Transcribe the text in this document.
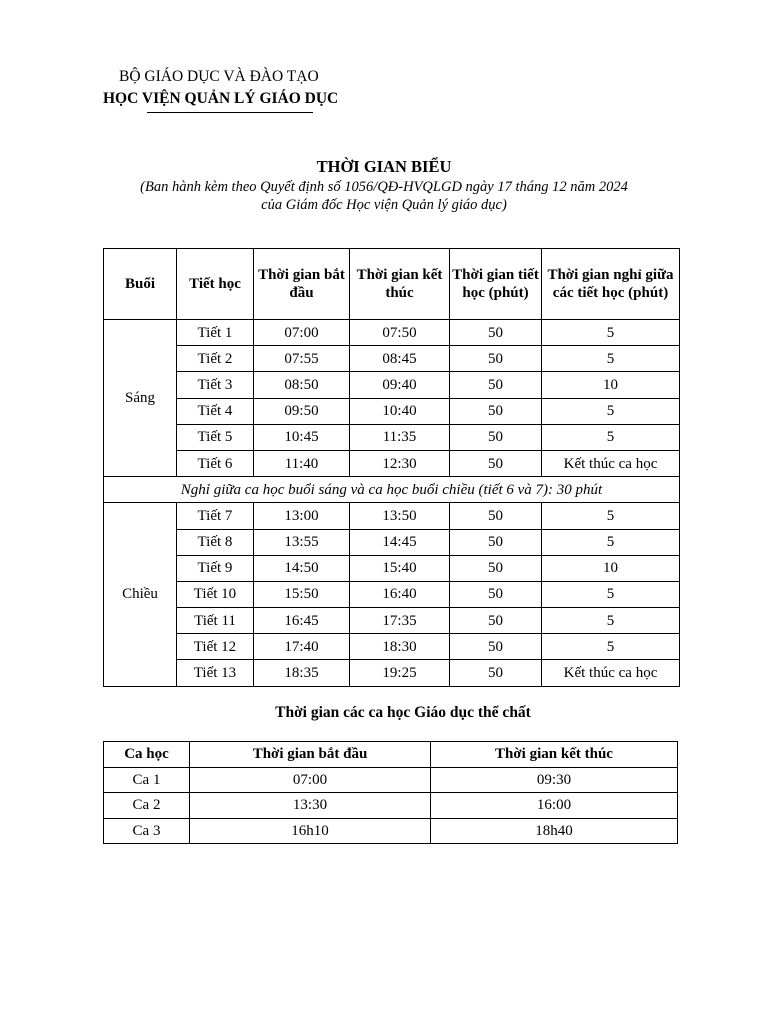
BỘ GIÁO DỤC VÀ ĐÀO TẠO
HỌC VIỆN QUẢN LÝ GIÁO DỤC
THỜI GIAN BIỂU
(Ban hành kèm theo Quyết định số 1056/QĐ-HVQLGD ngày 17 tháng 12 năm 2024
của Giám đốc Học viện Quản lý giáo dục)
Buổi	Tiết học	Thời gian bắt đầu	Thời gian kết thúc	Thời gian tiết học (phút)	Thời gian nghỉ giữa các tiết học (phút)
Sáng	Tiết 1	07:00	07:50	50	5
	Tiết 2	07:55	08:45	50	5
	Tiết 3	08:50	09:40	50	10
	Tiết 4	09:50	10:40	50	5
	Tiết 5	10:45	11:35	50	5
	Tiết 6	11:40	12:30	50	Kết thúc ca học
Nghỉ giữa ca học buổi sáng và ca học buổi chiều (tiết 6 và 7): 30 phút					
Chiều	Tiết 7	13:00	13:50	50	5
	Tiết 8	13:55	14:45	50	5
	Tiết 9	14:50	15:40	50	10
	Tiết 10	15:50	16:40	50	5
	Tiết 11	16:45	17:35	50	5
	Tiết 12	17:40	18:30	50	5
	Tiết 13	18:35	19:25	50	Kết thúc ca học
Thời gian các ca học Giáo dục thể chất
Ca học	Thời gian bắt đầu	Thời gian kết thúc
Ca 1	07:00	09:30
Ca 2	13:30	16:00
Ca 3	16h10	18h40
